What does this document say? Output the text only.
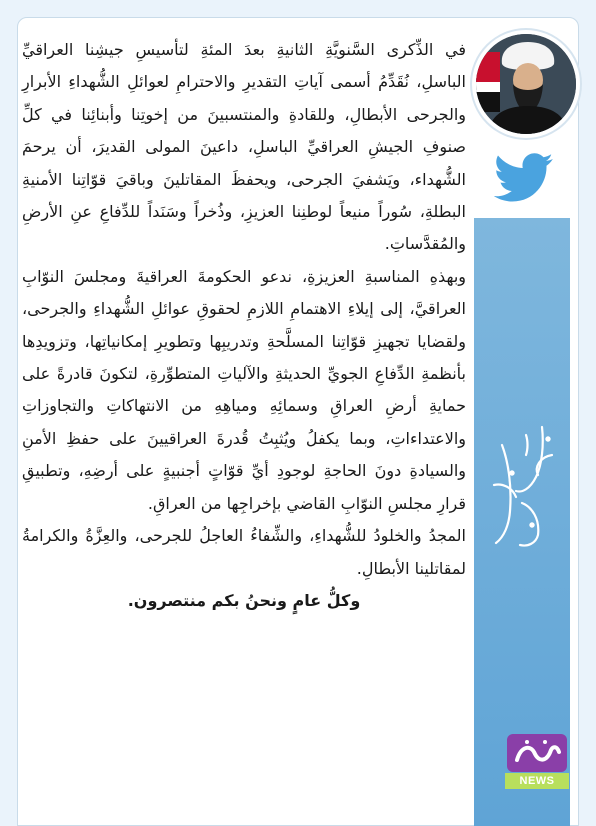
NEWS

في الذِّكرى السَّنويَّةِ الثانيةِ بعدَ المئةِ لتأسيسِ جيشِنا العراقيِّ الباسلِ، نُقَدِّمُ أسمى آياتِ التقديرِ والاحترامِ لعوائلِ الشُّهداءِ الأبرارِ والجرحى الأبطالِ، وللقادةِ والمنتسبينَ من إخوتِنا وأبنائِنا في كلِّ صنوفِ الجيشِ العراقيِّ الباسلِ، داعينَ المولى القديرَ، أن يرحمَ الشُّهداء، ويَشفيَ الجرحى، ويحفظَ المقاتلينَ وباقيَ قوّاتِنا الأمنيةِ البطلةِ، سُوراً منيعاً لوطنِنا العزيزِ، وذُخراً وسَنَداً للدِّفاعِ عنِ الأرضِ والمُقدَّساتِ.

وبهذهِ المناسبةِ العزيزةِ، ندعو الحكومةَ العراقيةَ ومجلسَ النوّابِ العراقيَّ، إلى إيلاءِ الاهتمامِ اللازمِ لحقوقِ عوائلِ الشُّهداءِ والجرحى، ولقضايا تجهيزِ قوّاتِنا المسلَّحةِ وتدريبِها وتطويرِ إمكانياتِها، وتزويدِها بأنظمةِ الدِّفاعِ الجويِّ الحديثةِ والآلياتِ المتطوِّرةِ، لتكونَ قادرةً على حمايةِ أرضِ العراقِ وسمائِهِ ومياهِهِ من الانتهاكاتِ والتجاوزاتِ والاعتداءاتِ، وبما يكفلُ ويُثبِتُ قُدرةَ العراقيينَ على حفظِ الأمنِ والسيادةِ دونَ الحاجةِ لوجودِ أيِّ قوّاتٍ أجنبيةٍ على أرضِهِ، وتطبيقِ قرارِ مجلسِ النوّابِ القاضي بإخراجِها من العراقِ.

المجدُ والخلودُ للشُّهداءِ، والشِّفاءُ العاجلُ للجرحى، والعِزَّةُ والكرامةُ لمقاتلينا الأبطالِ.

وكلُّ عامٍ ونحنُ بكم منتصرون.
